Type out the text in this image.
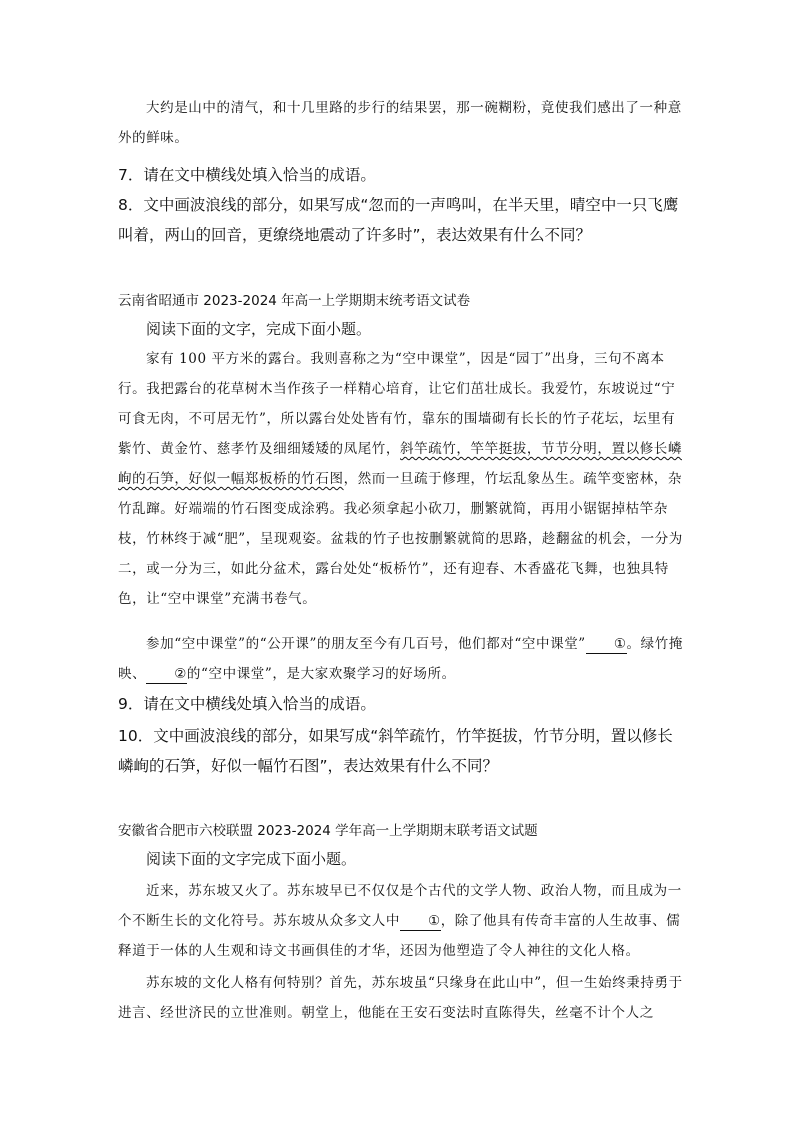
大约是山中的清气，和十几里路的步行的结果罢，那一碗糊粉，竟使我们感出了一种意外的鲜味。

7．请在文中横线处填入恰当的成语。

8．文中画波浪线的部分，如果写成“忽而的一声鸣叫，在半天里，晴空中一只飞鹰叫着，两山的回音，更缭绕地震动了许多时”，表达效果有什么不同？

云南省昭通市 2023-2024 年高一上学期期末统考语文试卷

阅读下面的文字，完成下面小题。

家有 100 平方米的露台。我则喜称之为“空中课堂”，因是“园丁”出身，三句不离本行。我把露台的花草树木当作孩子一样精心培育，让它们茁壮成长。我爱竹，东坡说过“宁可食无肉，不可居无竹”，所以露台处处皆有竹，靠东的围墙砌有长长的竹子花坛，坛里有紫竹、黄金竹、慈孝竹及细细矮矮的凤尾竹，斜竿疏竹，竿竿挺拔，节节分明，置以修长嶙峋的石笋，好似一幅郑板桥的竹石图，然而一旦疏于修理，竹坛乱象丛生。疏竿变密林，杂竹乱蹿。好端端的竹石图变成涂鸦。我必须拿起小砍刀，删繁就简，再用小锯锯掉枯竿杂枝，竹林终于减“肥”，呈现观姿。盆栽的竹子也按删繁就简的思路，趁翻盆的机会，一分为二，或一分为三，如此分盆术，露台处处“板桥竹”，还有迎春、木香盛花飞舞，也独具特色，让“空中课堂”充满书卷气。

参加“空中课堂”的“公开课”的朋友至今有几百号，他们都对“空中课堂” ①。绿竹掩映、 ②的“空中课堂”，是大家欢聚学习的好场所。

9．请在文中横线处填入恰当的成语。

10．文中画波浪线的部分，如果写成“斜竿疏竹，竹竿挺拔，竹节分明，置以修长嶙峋的石笋，好似一幅竹石图”，表达效果有什么不同？

安徽省合肥市六校联盟 2023-2024 学年高一上学期期末联考语文试题

阅读下面的文字完成下面小题。

近来，苏东坡又火了。苏东坡早已不仅仅是个古代的文学人物、政治人物，而且成为一个不断生长的文化符号。苏东坡从众多文人中 ①，除了他具有传奇丰富的人生故事、儒释道于一体的人生观和诗文书画俱佳的才华，还因为他塑造了令人神往的文化人格。

苏东坡的文化人格有何特别？首先，苏东坡虽“只缘身在此山中”，但一生始终秉持勇于进言、经世济民的立世准则。朝堂上，他能在王安石变法时直陈得失，丝毫不计个人之
